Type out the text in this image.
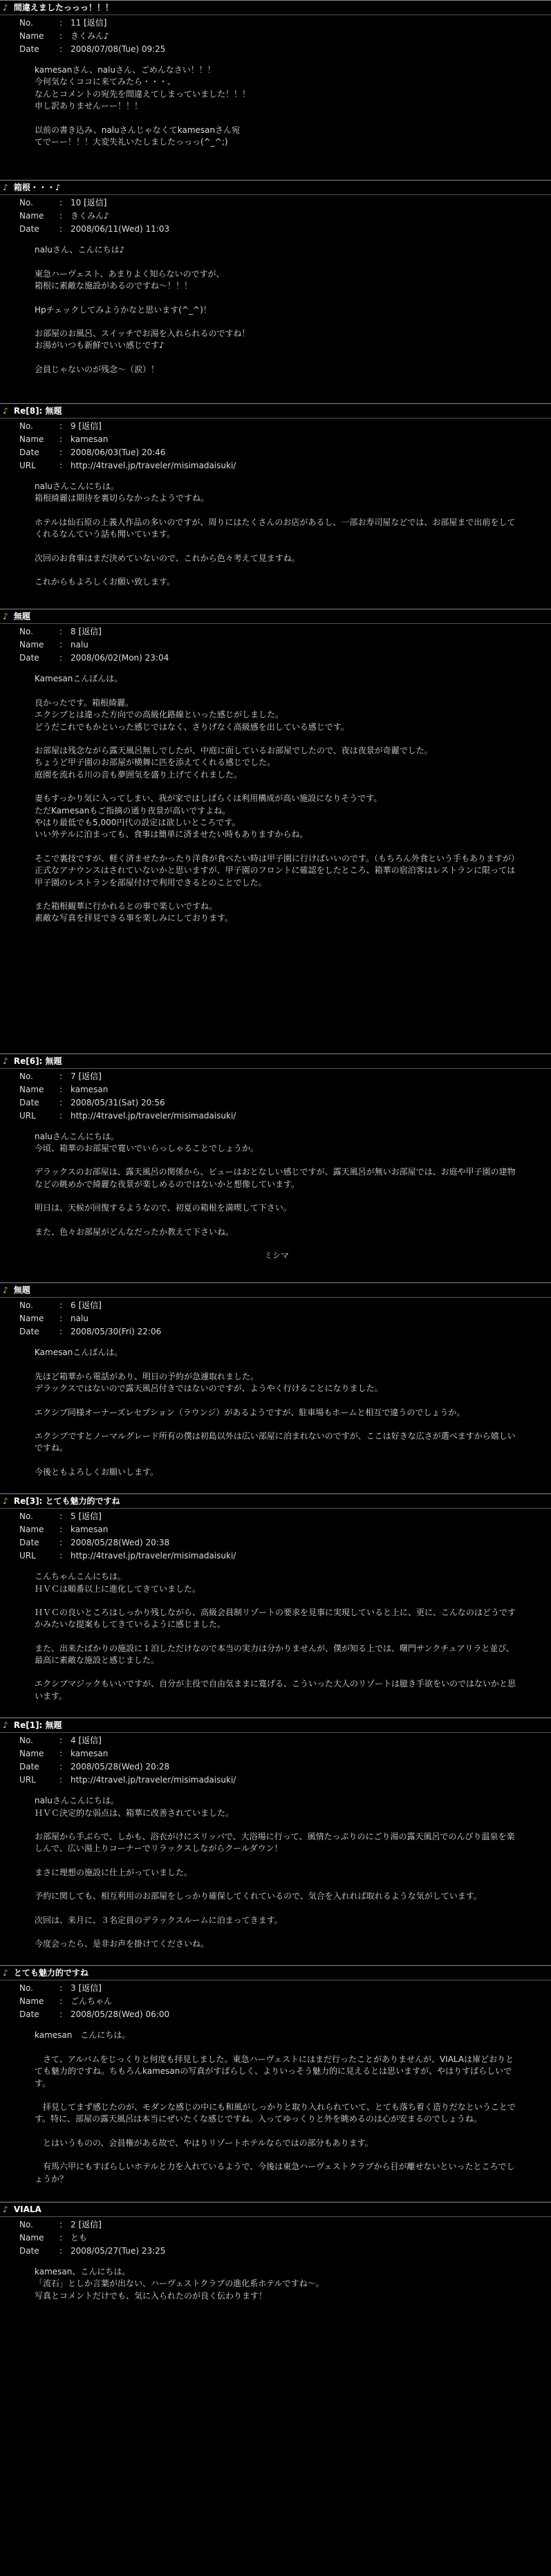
♪ 間違えましたっっっ！！！
No.	: 11 [返信]
Name : きくみん♪
Date : 2008/07/08(Tue) 09:25
kamesanさん、naluさん、ごめんなさい！！！
今何気なくココに来てみたら・・・、
なんとコメントの宛先を間違えてしまっていました！！！
申し訳ありませんーー！！！
以前の書き込み、naluさんじゃなくてkamesanさん宛
てでーー！！！大変失礼いたしましたっっっ(^_^;)
♪ 箱根・・・♪
No.	: 10 [返信]
Name : きくみん♪
Date : 2008/06/11(Wed) 11:03
naluさん、こんにちは♪
東急ハーヴェスト、あまりよく知らないのですが、
箱根に素敵な施設があるのですね〜！！！
Hpチェックしてみようかなと思います(^_^)！
お部屋のお風呂、スイッチでお湯を入れられるのですね！
お湯がいつも新鮮でいい感じです♪
会員じゃないのが残念〜（涙）！
♪ Re[8]: 無題
No.	: 9 [返信]
Name : kamesan
Date : 2008/06/03(Tue) 20:46
URL	: http://4travel.jp/traveler/misimadaisuki/
naluさんこんにちは。
箱根綺麗は期待を裏切らなかったようですね。
ホテルは仙石原の上義人作品の多いのですが、周りにはたくさんのお店があるし、一部お寿司屋などでは、お部屋まで出前をしてくれるなんていう話も聞いています。
次回のお食事はまだ決めていないので、これから色々考えて見ますね。
これからもよろしくお願い致します。
♪ 無題
No.	: 8 [返信]
Name : nalu
Date : 2008/06/02(Mon) 23:04
Kamesanこんばんは。
良かったです。箱根綺麗。
エクシブとは違った方向での高級化路線といった感じがしました。
どうだこれでもかといった感じではなく、さりげなく高級感を出している感じです。
お部屋は残念ながら露天風呂無しでしたが、中庭に面しているお部屋でしたので、夜は夜景が奇麗でした。
ちょうど甲子園のお部屋が横舞に匹を添えてくれる感じでした。
庭園を流れる川の音も夢囲気を盛り上げてくれました。
妻もすっかり気に入ってしまい、我が家ではしばらくは利用構成が高い施設になりそうです。
ただKamesanもご指摘の通り夜景が高いですよね。
やはり最低でも5,000円代の設定は欲しいところです。
いい外テルに泊まっても、食事は簡単に済ませたい時もありますからね。
そこで裏技ですが、軽く済ませたかったり洋食が食べたい時は甲子園に行けばいいのです。（もちろん外食という手もありますが）
正式なアナウンスはされていないかと思いますが、甲子園のフロントに確認をしたところ、箱華の宿泊客はレストランに限っては甲子園のレストランを部屋付けで利用できるとのことでした。
また箱根観華に行かれるとの事で楽しいですね。
素敵な写真を拝見できる事を楽しみにしております。
♪ Re[6]: 無題
No.	: 7 [返信]
Name : kamesan
Date : 2008/05/31(Sat) 20:56
URL	: http://4travel.jp/traveler/misimadaisuki/
naluさんこんにちは。
今頃、箱華のお部屋で寛いでいらっしゃることでしょうか。
デラックスのお部屋は、露天風呂の関係から、ビューはおとなしい感じですが、露天風呂が無いお部屋では、お庭や甲子園の建物などの眺めかで綺麗な夜景が楽しめるのではないかと想像しています。
明日は、天候が回復するようなので、初夏の箱根を満喫して下さい。
また、色々お部屋がどんなだったか教えて下さいね。
ミシマ
♪ 無題
No.	: 6 [返信]
Name : nalu
Date : 2008/05/30(Fri) 22:06
Kamesanこんばんは。
先ほど箱華から電話があり、明日の予約が急遽取れました。
デラックスではないので露天風呂付きではないのですが、ようやく行けることになりました。
エクシブ同様オーナーズレセプション（ラウンジ）があるようですが、駐車場もホームと相互で違うのでしょうか。
エクシブですとノーマルグレード所有の僕は初島以外は広い部屋に泊まれないのですが、ここは好きな広さが選べますから嬉しいですね。
今後ともよろしくお願いします。
♪ Re[3]: とても魅力的ですね
No.	: 5 [返信]
Name : kamesan
Date : 2008/05/28(Wed) 20:38
URL	: http://4travel.jp/traveler/misimadaisuki/
こんちゃんこんにちは。
ＨＶＣは順番以上に進化してきていました。
ＨＶＣの良いところはしっかり残しながら、高級会員制リゾートの要求を見事に実現していると上に、更に、こんなのはどうですかみたいな提案もしてきているように感じました。
また、出来たばかりの施設に１泊しただけなので本当の実力は分かりませんが、僕が知る上では、曙門サンクチュアリラと並び、最高に素敵な施設と感じました。
エクシブマジックもいいですが、自分が主役で自由気ままに寛げる、こういった大人のリゾートは臆き手欲をいのではないかと思います。
♪ Re[1]: 無題
No.	: 4 [返信]
Name : kamesan
Date : 2008/05/28(Wed) 20:28
URL	: http://4travel.jp/traveler/misimadaisuki/
naluさんこんにちは。
ＨＶＣ決定的な弱点は、箱華に改善されていました。
お部屋から手ぶらで、しかも、浴衣がけにスリッパで、大浴場に行って、風情たっぷりのにごり湯の露天風呂でのんびり温泉を楽しんで、広い湯上りコーナーでリラックスしながらクールダウン！
まさに理想の施設に仕上がっていました。
予約に関しても、相互利用のお部屋をしっかり確保してくれているので、気合を入れれば取れるような気がしています。
次回は、来月に、３名定員のデラックスルームに泊まってきます。
今度会ったら、是非お声を掛けてくださいね。
♪ とても魅力的ですね
No.	: 3 [返信]
Name : ごんちゃん
Date : 2008/05/28(Wed) 06:00
kamesan　こんにちは。
　さて、アルバムをじっくりと何度も拝見しました。東急ハーヴェストにはまだ行ったことがありませんが、VIALAは庫どおりとても魅力的ですね。ちもろんkamesanの写真がすばらしく、よりいっそう魅力的に見えるとは思いますが、やはりすばらしいです。
　拝見してまず感じたのが、モダンな感じの中にも和風がしっかりと取り入れられていて、とても落ち着く造りだなということです。特に、部屋の露天風呂は本当にぜいたくな感じですね。入ってゆっくりと外を眺めるのは心が安まるのでしょうね。
　とはいうものの、会員権がある故で、やはりリゾートホテルならではの部分もあります。
　有馬六甲にもすばらしいホテルと力を入れているようで、今後は東急ハーヴェストクラブから目が離せないといったところでしょうか？
♪ VIALA
No.	: 2 [返信]
Name : とも
Date : 2008/05/27(Tue) 23:25
kamesan、こんにちは。
「流石」としか言葉が出ない、ハーヴェストクラブの進化系ホテルですね〜。
写真とコメントだけでも、気に入られたのが良く伝わります！
